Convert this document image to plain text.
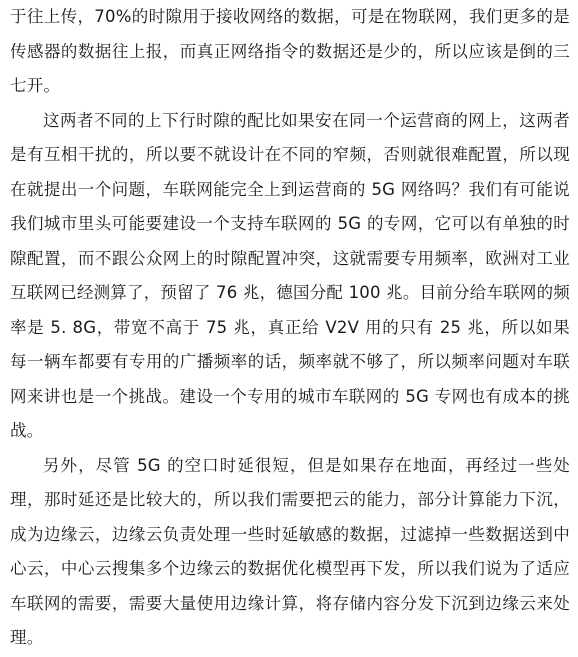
于往上传，70%的时隙用于接收网络的数据，可是在物联网，我们更多的是传感器的数据往上报，而真正网络指令的数据还是少的，所以应该是倒的三七开。

这两者不同的上下行时隙的配比如果安在同一个运营商的网上，这两者是有互相干扰的，所以要不就设计在不同的窄频，否则就很难配置，所以现在就提出一个问题，车联网能完全上到运营商的 5G 网络吗？我们有可能说我们城市里头可能要建设一个支持车联网的 5G 的专网，它可以有单独的时隙配置，而不跟公众网上的时隙配置冲突，这就需要专用频率，欧洲对工业互联网已经测算了，预留了 76 兆，德国分配 100 兆。目前分给车联网的频率是 5. 8G，带宽不高于 75 兆，真正给 V2V 用的只有 25 兆，所以如果每一辆车都要有专用的广播频率的话，频率就不够了，所以频率问题对车联网来讲也是一个挑战。建设一个专用的城市车联网的 5G 专网也有成本的挑战。

另外，尽管 5G 的空口时延很短，但是如果存在地面，再经过一些处理，那时延还是比较大的，所以我们需要把云的能力，部分计算能力下沉，成为边缘云，边缘云负责处理一些时延敏感的数据，过滤掉一些数据送到中心云，中心云搜集多个边缘云的数据优化模型再下发，所以我们说为了适应车联网的需要，需要大量使用边缘计算，将存储内容分发下沉到边缘云来处理。
